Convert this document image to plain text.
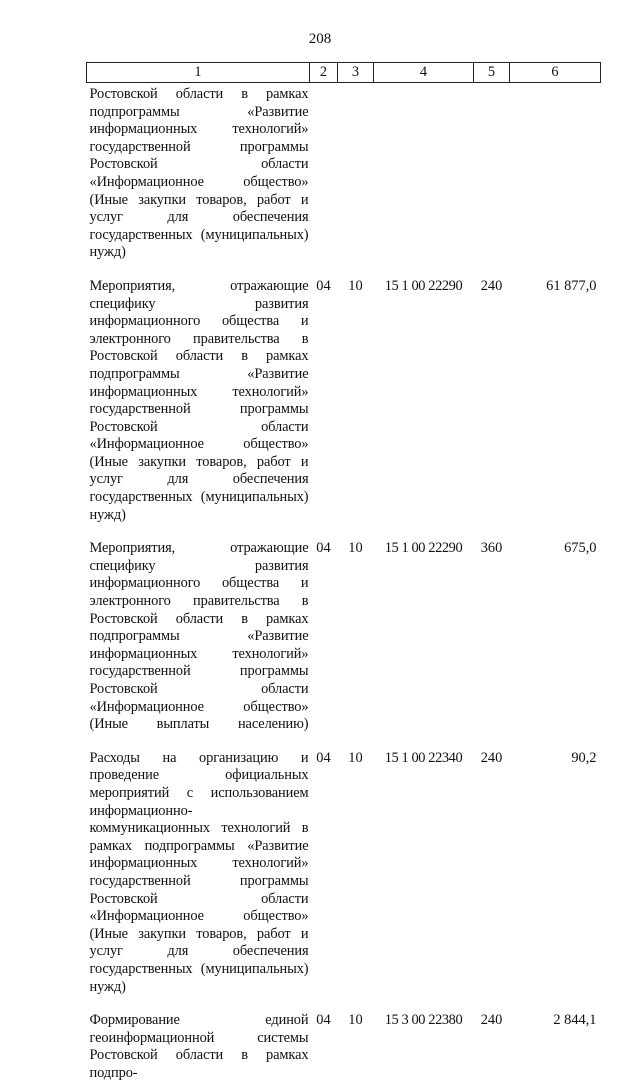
208
1	2	3	4	5	6
Ростовской области в рамках подпрограммы «Развитие информационных технологий» государственной программы Ростовской области «Информационное общество» (Иные закупки товаров, работ и услуг для обеспечения государственных (муниципальных) нужд)					
Мероприятия, отражающие специфику развития информационного общества и электронного правительства в Ростовской области в рамках подпрограммы «Развитие информационных технологий» государственной программы Ростовской области «Информационное общество» (Иные закупки товаров, работ и услуг для обеспечения государственных (муниципальных) нужд)	04	10	15 1 00 22290	240	61 877,0
Мероприятия, отражающие специфику развития информационного общества и электронного правительства в Ростовской области в рамках подпрограммы «Развитие информационных технологий» государственной программы Ростовской области «Информационное общество» (Иные выплаты населению)	04	10	15 1 00 22290	360	675,0
Расходы на организацию и проведение официальных мероприятий с использованием информационно-коммуникационных технологий в рамках подпрограммы «Развитие информационных технологий» государственной программы Ростовской области «Информационное общество» (Иные закупки товаров, работ и услуг для обеспечения государственных (муниципальных) нужд)	04	10	15 1 00 22340	240	90,2
Формирование единой геоинформационной системы Ростовской области в рамках подпро-	04	10	15 3 00 22380	240	2 844,1
